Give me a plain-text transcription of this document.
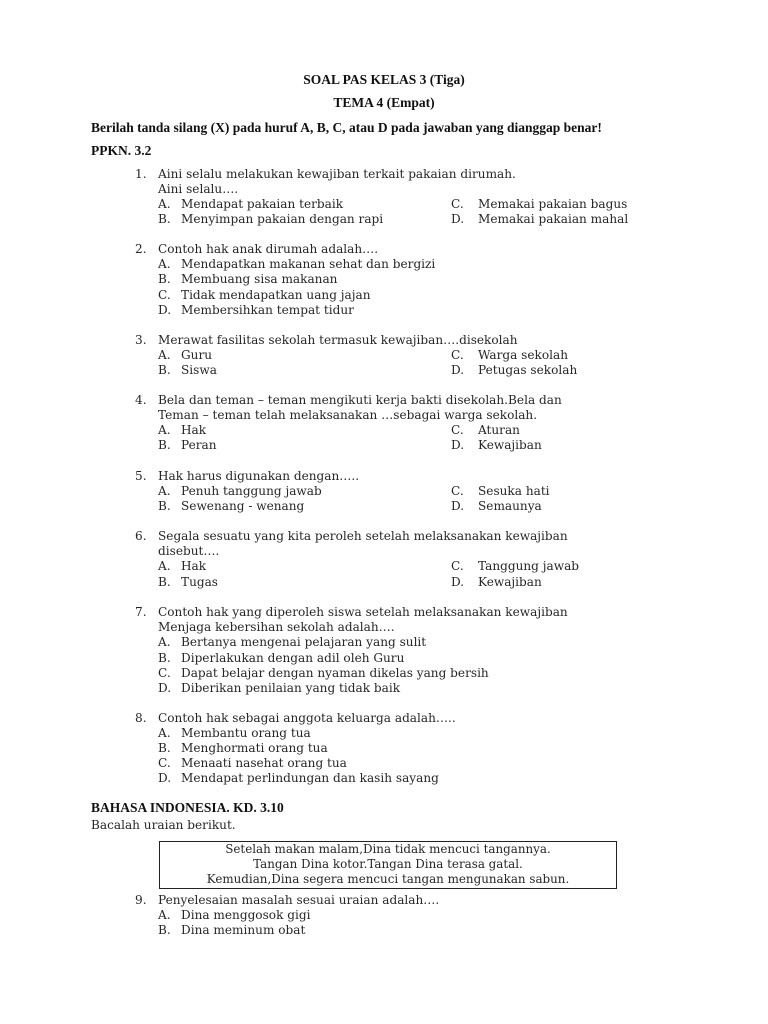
SOAL PAS KELAS 3 (Tiga)
TEMA 4 (Empat)
Berilah tanda silang (X) pada huruf A, B, C, atau D pada jawaban yang dianggap benar!
PPKN. 3.2
1. Aini selalu melakukan kewajiban terkait pakaian dirumah.
Aini selalu….
A. Mendapat pakaian terbaik
B. Menyimpan pakaian dengan rapi
C. Memakai pakaian bagus
D. Memakai pakaian mahal
2. Contoh hak anak dirumah adalah….
A. Mendapatkan makanan sehat dan bergizi
B. Membuang sisa makanan
C. Tidak mendapatkan uang jajan
D. Membersihkan tempat tidur
3. Merawat fasilitas sekolah termasuk kewajiban….disekolah
A. Guru
B. Siswa
C. Warga sekolah
D. Petugas sekolah
4. Bela dan teman – teman mengikuti kerja bakti disekolah.Bela dan
Teman – teman telah melaksanakan …sebagai warga sekolah.
A. Hak
B. Peran
C. Aturan
D. Kewajiban
5. Hak harus digunakan dengan…..
A. Penuh tanggung jawab
B. Sewenang - wenang
C. Sesuka hati
D. Semaunya
6. Segala sesuatu yang kita peroleh setelah melaksanakan kewajiban
disebut….
A. Hak
B. Tugas
C. Tanggung jawab
D. Kewajiban
7. Contoh hak yang diperoleh siswa setelah melaksanakan kewajiban
Menjaga kebersihan sekolah adalah….
A. Bertanya mengenai pelajaran yang sulit
B. Diperlakukan dengan adil oleh Guru
C. Dapat belajar dengan nyaman dikelas yang bersih
D. Diberikan penilaian yang tidak baik
8. Contoh hak sebagai anggota keluarga adalah…..
A. Membantu orang tua
B. Menghormati orang tua
C. Menaati nasehat orang tua
D. Mendapat perlindungan dan kasih sayang
BAHASA INDONESIA. KD. 3.10
Bacalah uraian berikut.
Setelah makan malam,Dina tidak mencuci tangannya.
Tangan Dina kotor.Tangan Dina terasa gatal.
Kemudian,Dina segera mencuci tangan mengunakan sabun.
9. Penyelesaian masalah sesuai uraian adalah….
A. Dina menggosok gigi
B. Dina meminum obat
